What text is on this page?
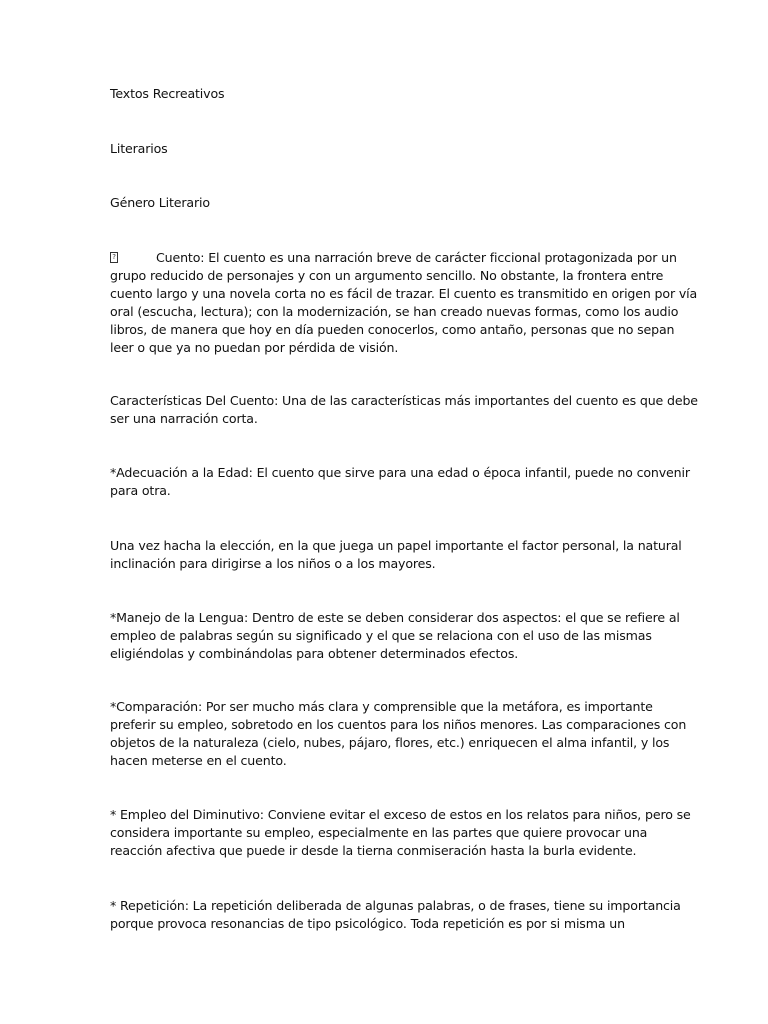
Textos Recreativos
Literarios
Género Literario
?	Cuento: El cuento es una narración breve de carácter ficcional protagonizada por un
grupo reducido de personajes y con un argumento sencillo. No obstante, la frontera entre
cuento largo y una novela corta no es fácil de trazar. El cuento es transmitido en origen por vía
oral (escucha, lectura); con la modernización, se han creado nuevas formas, como los audio
libros, de manera que hoy en día pueden conocerlos, como antaño, personas que no sepan
leer o que ya no puedan por pérdida de visión.
Características Del Cuento: Una de las características más importantes del cuento es que debe
ser una narración corta.
*Adecuación a la Edad: El cuento que sirve para una edad o época infantil, puede no convenir
para otra.
Una vez hacha la elección, en la que juega un papel importante el factor personal, la natural
inclinación para dirigirse a los niños o a los mayores.
*Manejo de la Lengua: Dentro de este se deben considerar dos aspectos: el que se refiere al
empleo de palabras según su significado y el que se relaciona con el uso de las mismas
eligiéndolas y combinándolas para obtener determinados efectos.
*Comparación: Por ser mucho más clara y comprensible que la metáfora, es importante
preferir su empleo, sobretodo en los cuentos para los niños menores. Las comparaciones con
objetos de la naturaleza (cielo, nubes, pájaro, flores, etc.) enriquecen el alma infantil, y los
hacen meterse en el cuento.
* Empleo del Diminutivo: Conviene evitar el exceso de estos en los relatos para niños, pero se
considera importante su empleo, especialmente en las partes que quiere provocar una
reacción afectiva que puede ir desde la tierna conmiseración hasta la burla evidente.
* Repetición: La repetición deliberada de algunas palabras, o de frases, tiene su importancia
porque provoca resonancias de tipo psicológico. Toda repetición es por si misma un
